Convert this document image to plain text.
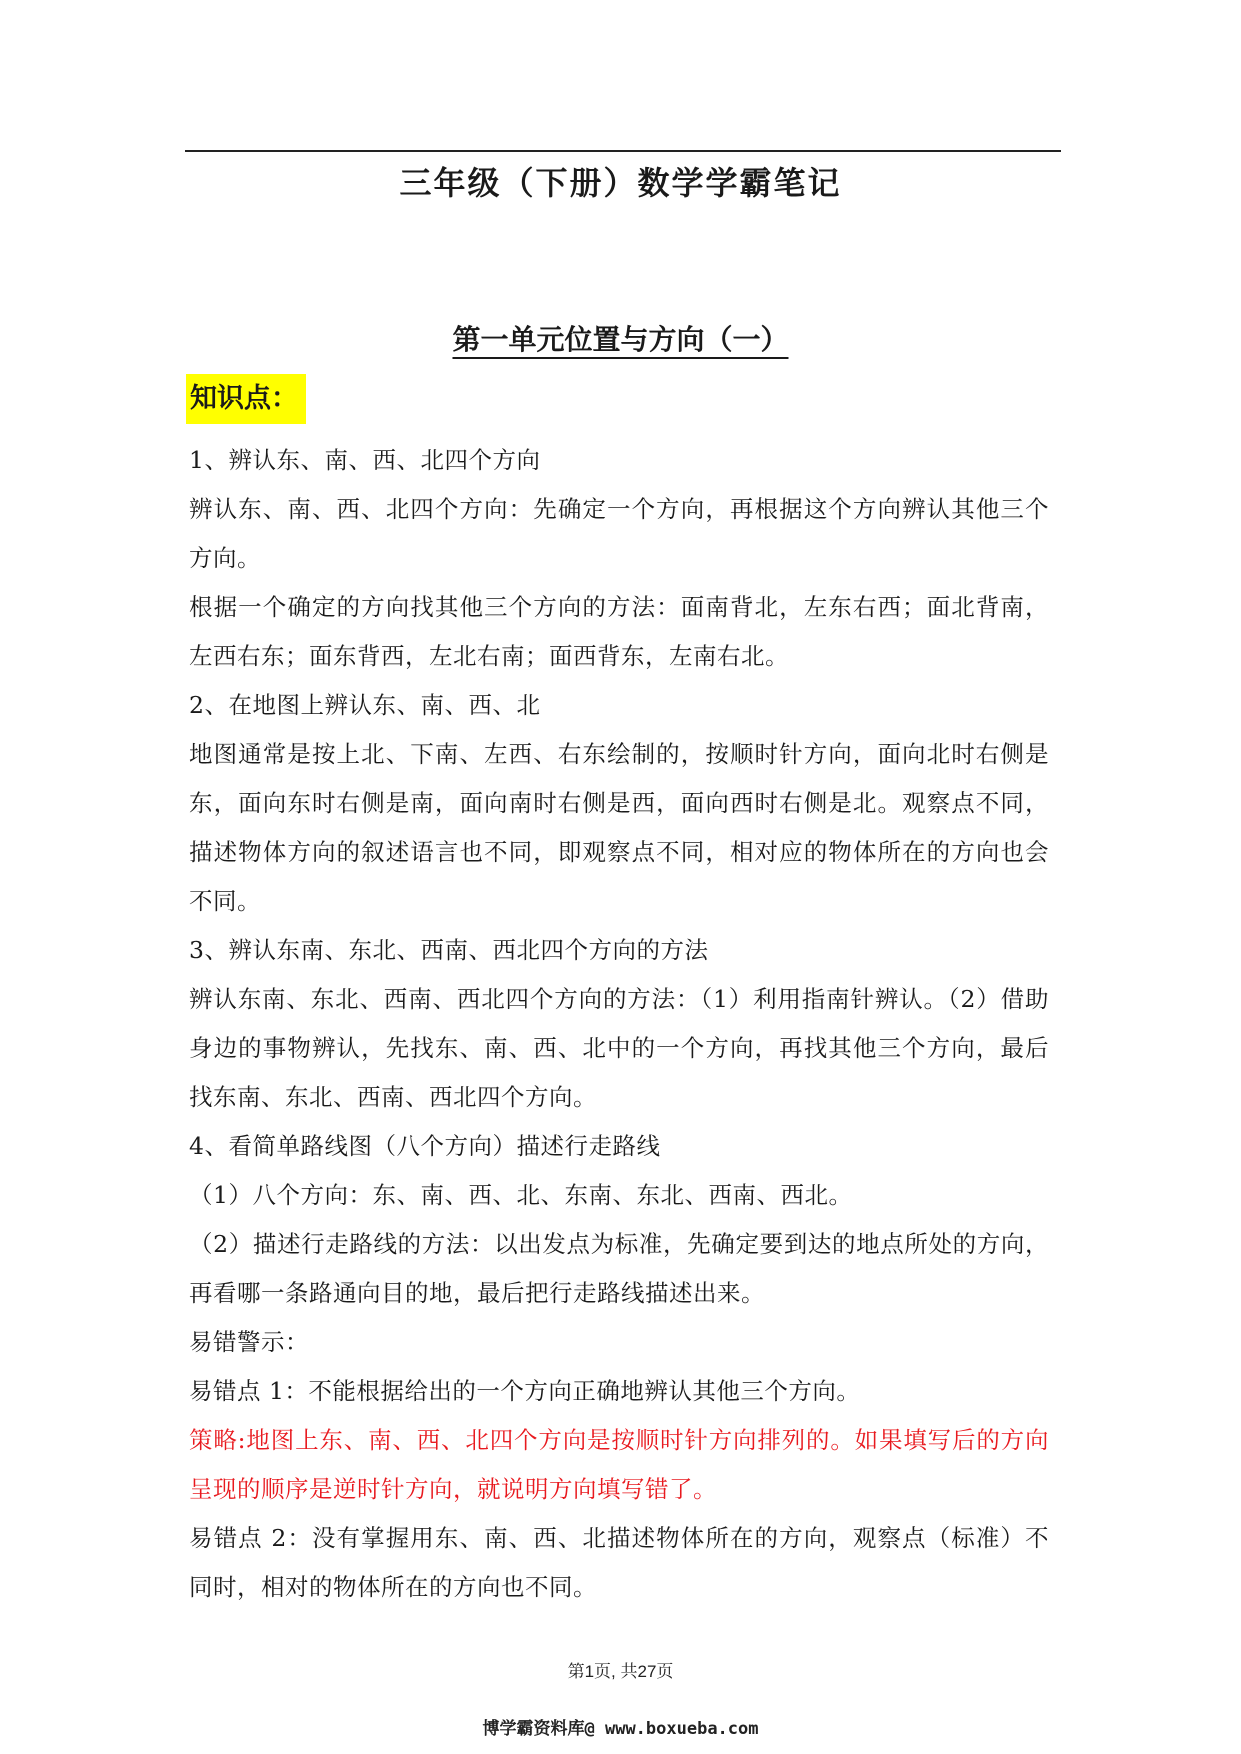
三年级（下册）数学学霸笔记
第一单元位置与方向（一）
知识点：

1、辨认东、南、西、北四个方向

辨认东、南、西、北四个方向：先确定一个方向，再根据这个方向辨认其他三个方向。

根据一个确定的方向找其他三个方向的方法：面南背北，左东右西；面北背南，左西右东；面东背西，左北右南；面西背东，左南右北。

2、在地图上辨认东、南、西、北

地图通常是按上北、下南、左西、右东绘制的，按顺时针方向，面向北时右侧是东，面向东时右侧是南，面向南时右侧是西，面向西时右侧是北。观察点不同，描述物体方向的叙述语言也不同，即观察点不同，相对应的物体所在的方向也会不同。

3、辨认东南、东北、西南、西北四个方向的方法

辨认东南、东北、西南、西北四个方向的方法：（1）利用指南针辨认。（2）借助身边的事物辨认，先找东、南、西、北中的一个方向，再找其他三个方向，最后找东南、东北、西南、西北四个方向。

4、看简单路线图（八个方向）描述行走路线

（1）八个方向：东、南、西、北、东南、东北、西南、西北。

（2）描述行走路线的方法：以出发点为标准，先确定要到达的地点所处的方向，再看哪一条路通向目的地，最后把行走路线描述出来。

易错警示：

易错点 1：不能根据给出的一个方向正确地辨认其他三个方向。

策略:地图上东、南、西、北四个方向是按顺时针方向排列的。如果填写后的方向呈现的顺序是逆时针方向，就说明方向填写错了。

易错点 2：没有掌握用东、南、西、北描述物体所在的方向，观察点（标准）不同时，相对的物体所在的方向也不同。

第1页, 共27页
博学霸资料库@ www.boxueba.com
